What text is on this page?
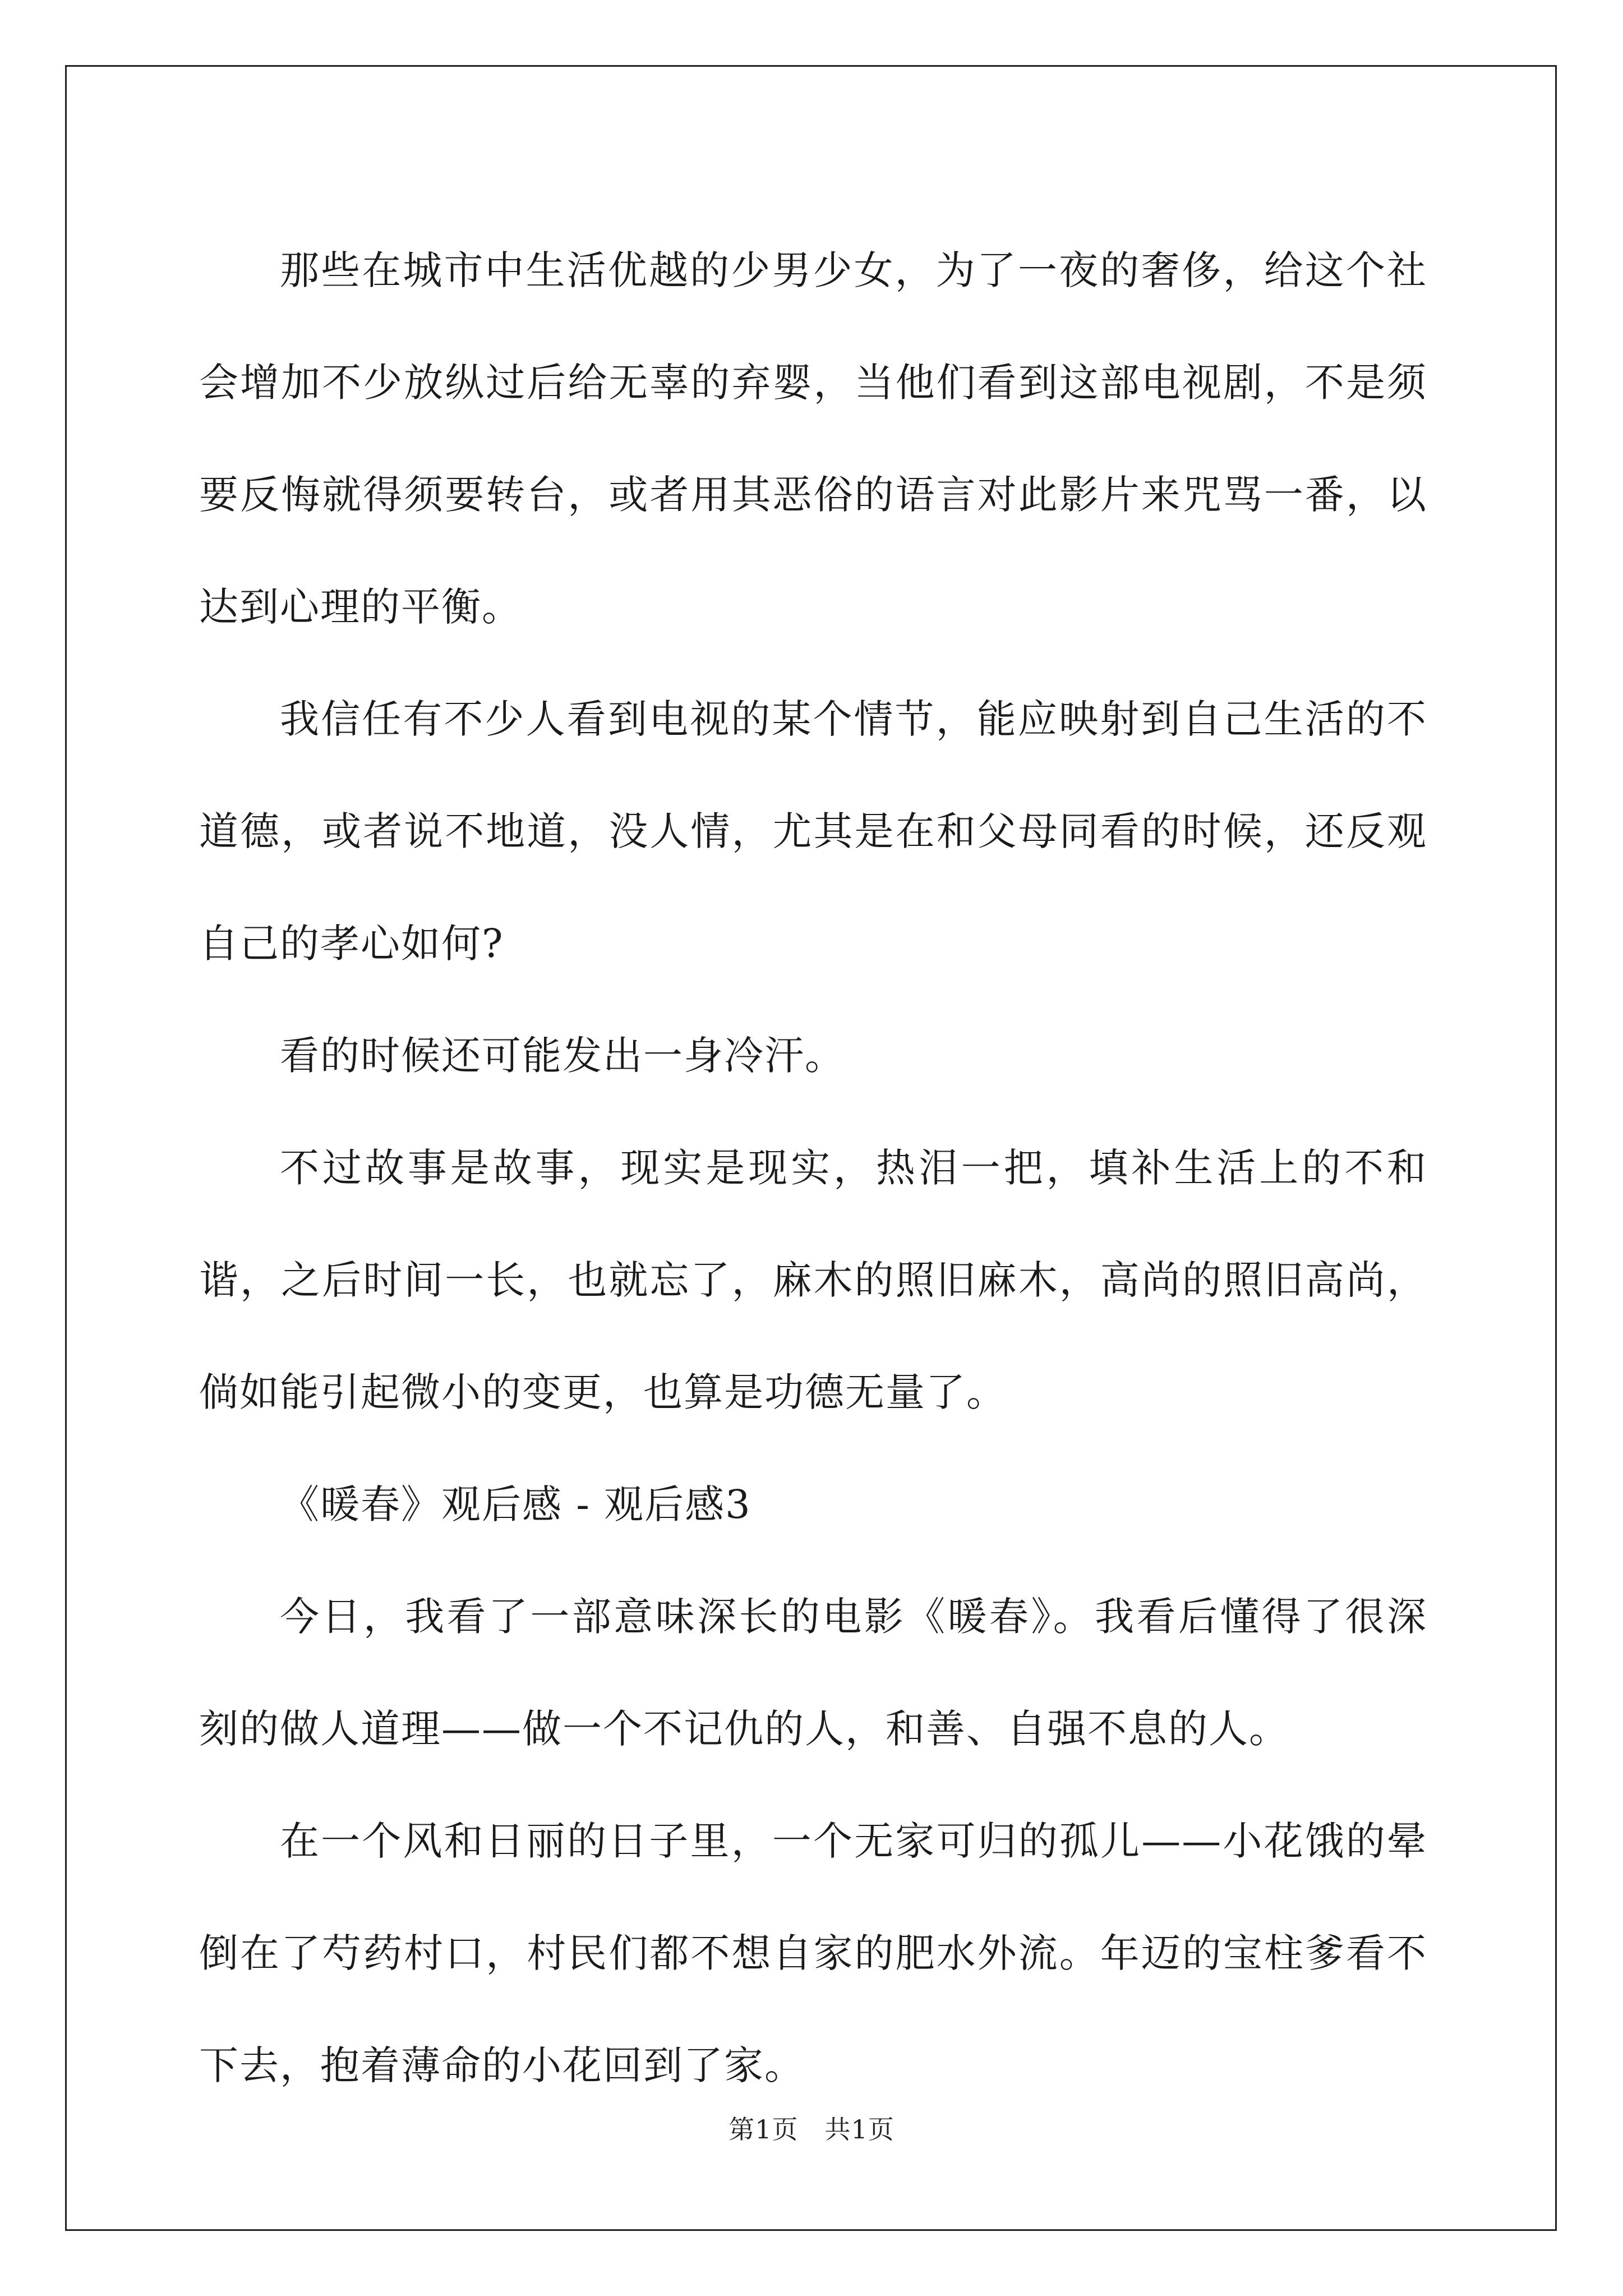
那些在城市中生活优越的少男少女，为了一夜的奢侈，给这个社会增加不少放纵过后给无辜的弃婴，当他们看到这部电视剧，不是须要反悔就得须要转台，或者用其恶俗的语言对此影片来咒骂一番，以达到心理的平衡。

我信任有不少人看到电视的某个情节，能应映射到自己生活的不道德，或者说不地道，没人情，尤其是在和父母同看的时候，还反观自己的孝心如何?

看的时候还可能发出一身冷汗。

不过故事是故事，现实是现实，热泪一把，填补生活上的不和谐，之后时间一长，也就忘了，麻木的照旧麻木，高尚的照旧高尚，倘如能引起微小的变更，也算是功德无量了。

《暖春》观后感 - 观后感3

今日，我看了一部意味深长的电影《暖春》。我看后懂得了很深刻的做人道理——做一个不记仇的人，和善、自强不息的人。

在一个风和日丽的日子里，一个无家可归的孤儿——小花饿的晕倒在了芍药村口，村民们都不想自家的肥水外流。年迈的宝柱爹看不下去，抱着薄命的小花回到了家。

第1页　共1页
